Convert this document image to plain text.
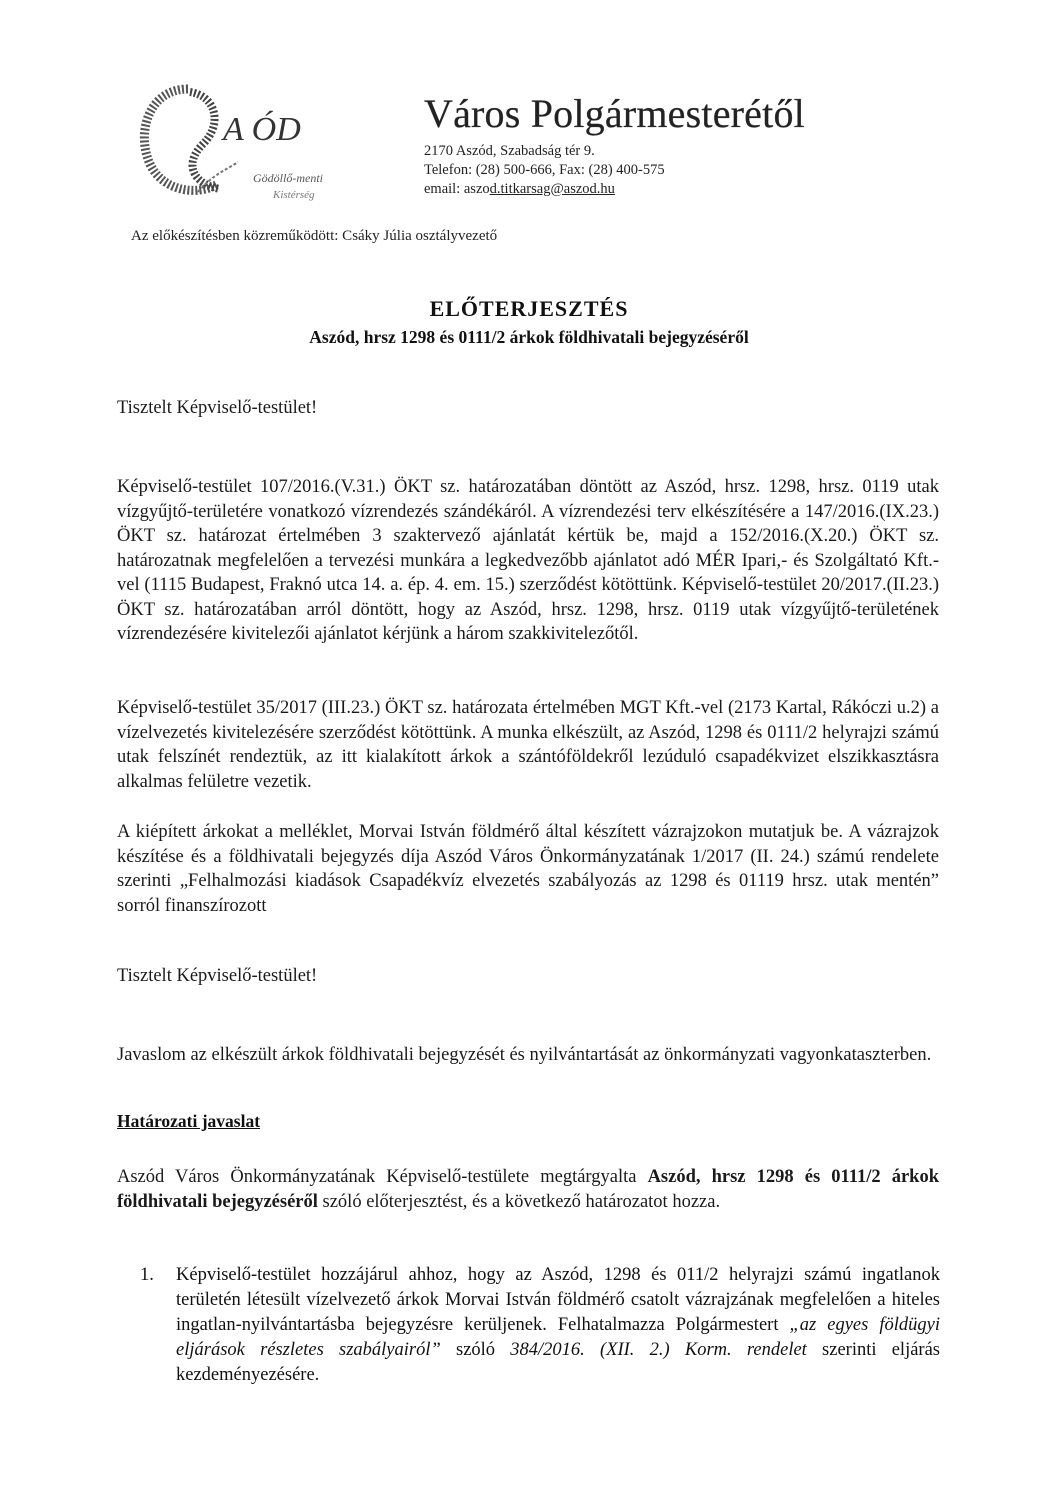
A ÓD
Gödöllő-menti
Kistérség
Város Polgármesterétől
2170 Aszód, Szabadság tér 9.
Telefon: (28) 500-666, Fax: (28) 400-575
email: aszod.titkarsag@aszod.hu
Az előkészítésben közreműködött: Csáky Júlia osztályvezető
ELŐTERJESZTÉS
Aszód, hrsz 1298 és 0111/2 árkok földhivatali bejegyzéséről
Tisztelt Képviselő-testület!
Képviselő-testület 107/2016.(V.31.) ÖKT sz. határozatában döntött az Aszód, hrsz. 1298, hrsz. 0119 utak vízgyűjtő-területére vonatkozó vízrendezés szándékáról. A vízrendezési terv elkészítésére a 147/2016.(IX.23.) ÖKT sz. határozat értelmében 3 szaktervező ajánlatát kértük be, majd a 152/2016.(X.20.) ÖKT sz. határozatnak megfelelően a tervezési munkára a legkedvezőbb ajánlatot adó MÉR Ipari,- és Szolgáltató Kft.-vel (1115 Budapest, Fraknó utca 14. a. ép. 4. em. 15.) szerződést kötöttünk. Képviselő-testület 20/2017.(II.23.) ÖKT sz. határozatában arról döntött, hogy az Aszód, hrsz. 1298, hrsz. 0119 utak vízgyűjtő-területének vízrendezésére kivitelezői ajánlatot kérjünk a három szakkivitelezőtől.
Képviselő-testület 35/2017 (III.23.) ÖKT sz. határozata értelmében MGT Kft.-vel (2173 Kartal, Rákóczi u.2) a vízelvezetés kivitelezésére szerződést kötöttünk. A munka elkészült, az Aszód, 1298 és 0111/2 helyrajzi számú utak felszínét rendeztük, az itt kialakított árkok a szántóföldekről lezúduló csapadékvizet elszikkasztásra alkalmas felületre vezetik.
A kiépített árkokat a melléklet, Morvai István földmérő által készített vázrajzokon mutatjuk be. A vázrajzok készítése és a földhivatali bejegyzés díja Aszód Város Önkormányzatának 1/2017 (II. 24.) számú rendelete szerinti „Felhalmozási kiadások Csapadékvíz elvezetés szabályozás az 1298 és 01119 hrsz. utak mentén” sorról finanszírozott
Tisztelt Képviselő-testület!
Javaslom az elkészült árkok földhivatali bejegyzését és nyilvántartását az önkormányzati vagyonkataszterben.
Határozati javaslat
Aszód Város Önkormányzatának Képviselő-testülete megtárgyalta Aszód, hrsz 1298 és 0111/2 árkok földhivatali bejegyzéséről szóló előterjesztést, és a következő határozatot hozza.
1.	Képviselő-testület hozzájárul ahhoz, hogy az Aszód, 1298 és 011/2 helyrajzi számú ingatlanok területén létesült vízelvezető árkok Morvai István földmérő csatolt vázrajzának megfelelően a hiteles ingatlan-nyilvántartásba bejegyzésre kerüljenek. Felhatalmazza Polgármestert „az egyes földügyi eljárások részletes szabályairól” szóló 384/2016. (XII. 2.) Korm. rendelet szerinti eljárás kezdeményezésére.
